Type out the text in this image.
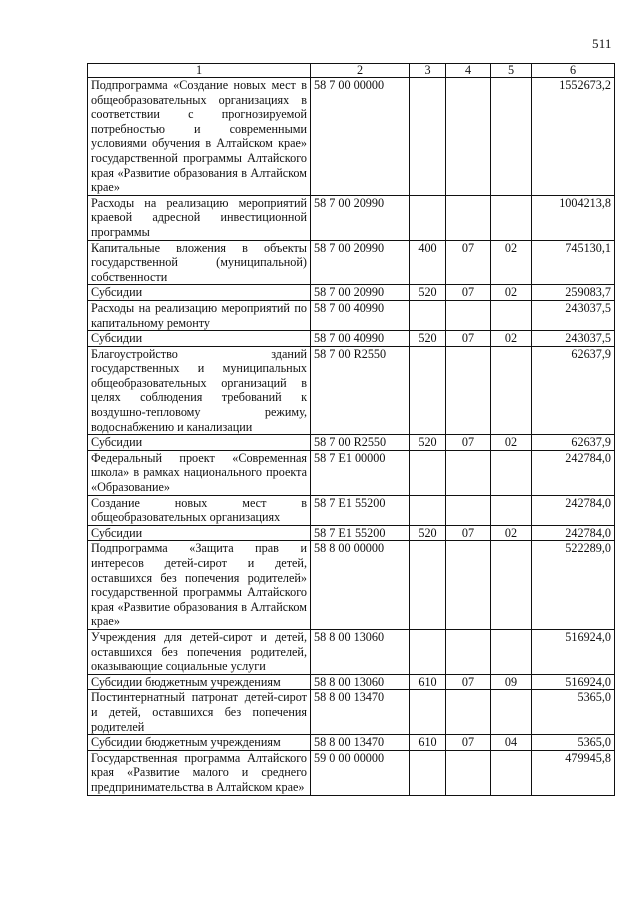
511
1	2	3	4	5	6
Подпрограмма «Создание новых мест в общеобразовательных организациях в соответствии с прогнозируемой потребностью и современными условиями обучения в Алтайском крае» государственной программы Алтайского края «Развитие образования в Алтайском крае»	58 7 00 00000				1552673,2
Расходы на реализацию мероприятий краевой адресной инвестиционной программы	58 7 00 20990				1004213,8
Капитальные вложения в объекты государственной (муниципальной) собственности	58 7 00 20990	400	07	02	745130,1
Субсидии	58 7 00 20990	520	07	02	259083,7
Расходы на реализацию мероприятий по капитальному ремонту	58 7 00 40990				243037,5
Субсидии	58 7 00 40990	520	07	02	243037,5
Благоустройство зданий государственных и муниципальных общеобразовательных организаций в целях соблюдения требований к воздушно-тепловому режиму, водоснабжению и канализации	58 7 00 R2550				62637,9
Субсидии	58 7 00 R2550	520	07	02	62637,9
Федеральный проект «Современная школа» в рамках национального проекта «Образование»	58 7 E1 00000				242784,0
Создание новых мест в общеобразовательных организациях	58 7 E1 55200				242784,0
Субсидии	58 7 E1 55200	520	07	02	242784,0
Подпрограмма «Защита прав и интересов детей-сирот и детей, оставшихся без попечения родителей» государственной программы Алтайского края «Развитие образования в Алтайском крае»	58 8 00 00000				522289,0
Учреждения для детей-сирот и детей, оставшихся без попечения родителей, оказывающие социальные услуги	58 8 00 13060				516924,0
Субсидии бюджетным учреждениям	58 8 00 13060	610	07	09	516924,0
Постинтернатный патронат детей-сирот и детей, оставшихся без попечения родителей	58 8 00 13470				5365,0
Субсидии бюджетным учреждениям	58 8 00 13470	610	07	04	5365,0
Государственная программа Алтайского края «Развитие малого и среднего предпринимательства в Алтайском крае»	59 0 00 00000				479945,8
